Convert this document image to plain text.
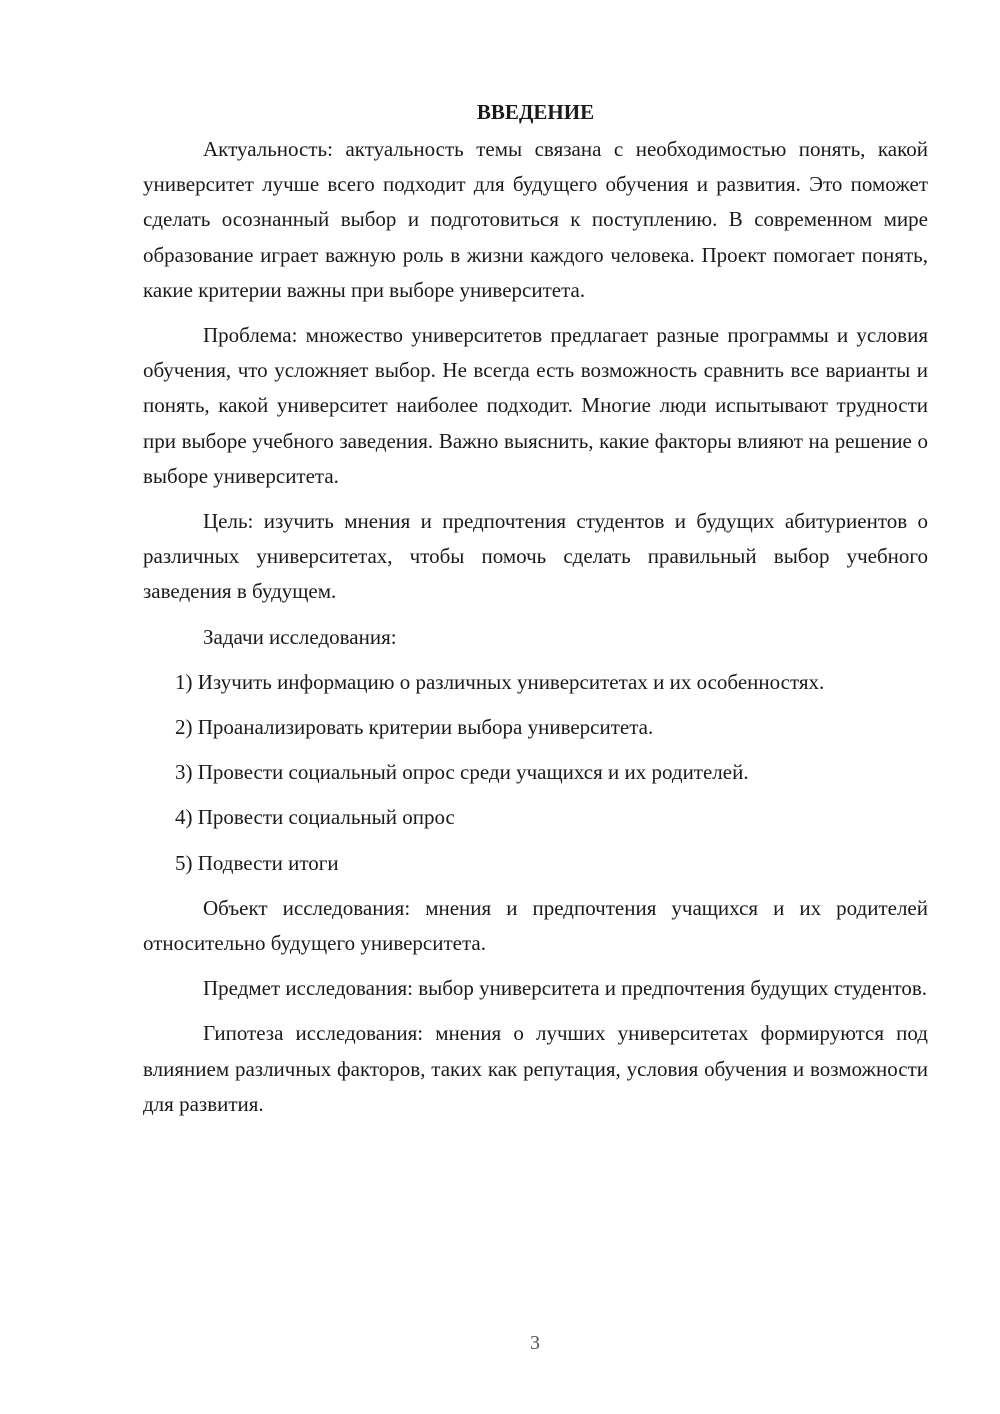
ВВЕДЕНИЕ

Актуальность: актуальность темы связана с необходимостью понять, какой университет лучше всего подходит для будущего обучения и развития. Это поможет сделать осознанный выбор и подготовиться к поступлению. В современном мире образование играет важную роль в жизни каждого человека. Проект помогает понять, какие критерии важны при выборе университета.

Проблема: множество университетов предлагает разные программы и условия обучения, что усложняет выбор. Не всегда есть возможность сравнить все варианты и понять, какой университет наиболее подходит. Многие люди испытывают трудности при выборе учебного заведения. Важно выяснить, какие факторы влияют на решение о выборе университета.

Цель: изучить мнения и предпочтения студентов и будущих абитуриентов о различных университетах, чтобы помочь сделать правильный выбор учебного заведения в будущем.

Задачи исследования:

1) Изучить информацию о различных университетах и их особенностях.

2) Проанализировать критерии выбора университета.

3) Провести социальный опрос среди учащихся и их родителей.

4) Провести социальный опрос

5) Подвести итоги

Объект исследования: мнения и предпочтения учащихся и их родителей относительно будущего университета.

Предмет исследования: выбор университета и предпочтения будущих студентов.

Гипотеза исследования: мнения о лучших университетах формируются под влиянием различных факторов, таких как репутация, условия обучения и возможности для развития.

3
